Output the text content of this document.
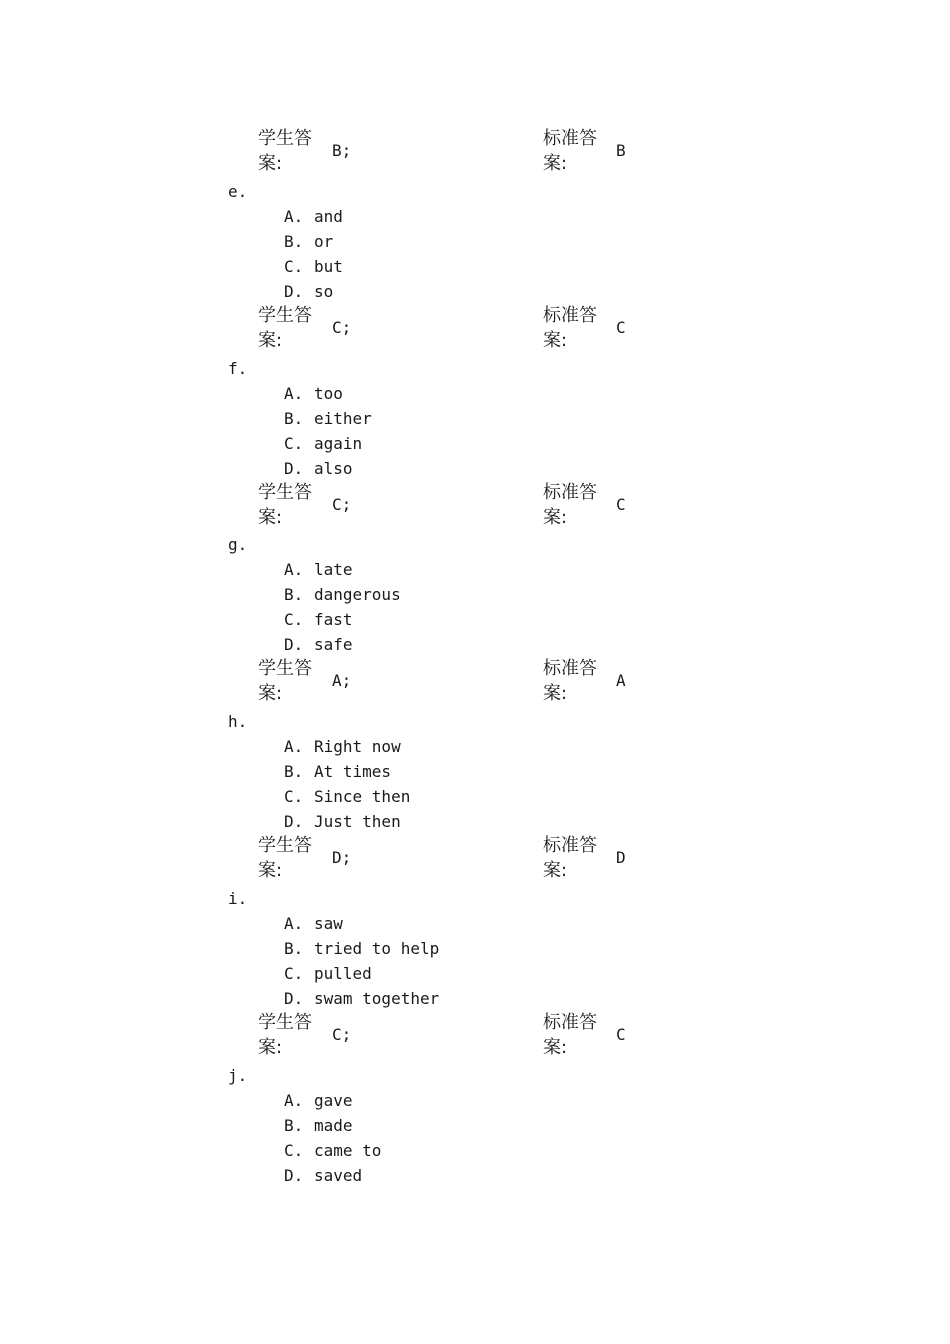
学生答
案:
B;
标准答
案:
B
学生答
案:
C;
标准答
案:
C
学生答
案:
C;
标准答
案:
C
学生答
案:
A;
标准答
案:
A
学生答
案:
D;
标准答
案:
D
学生答
案:
C;
标准答
案:
C
e.
A. and
B. or
C. but
D. so
f.
A. too
B. either
C. again
D. also
g.
A. late
B. dangerous
C. fast
D. safe
h.
A. Right now
B. At times
C. Since then
D. Just then
i.
A. saw
B. tried to help
C. pulled
D. swam together
j.
A. gave
B. made
C. came to
D. saved
